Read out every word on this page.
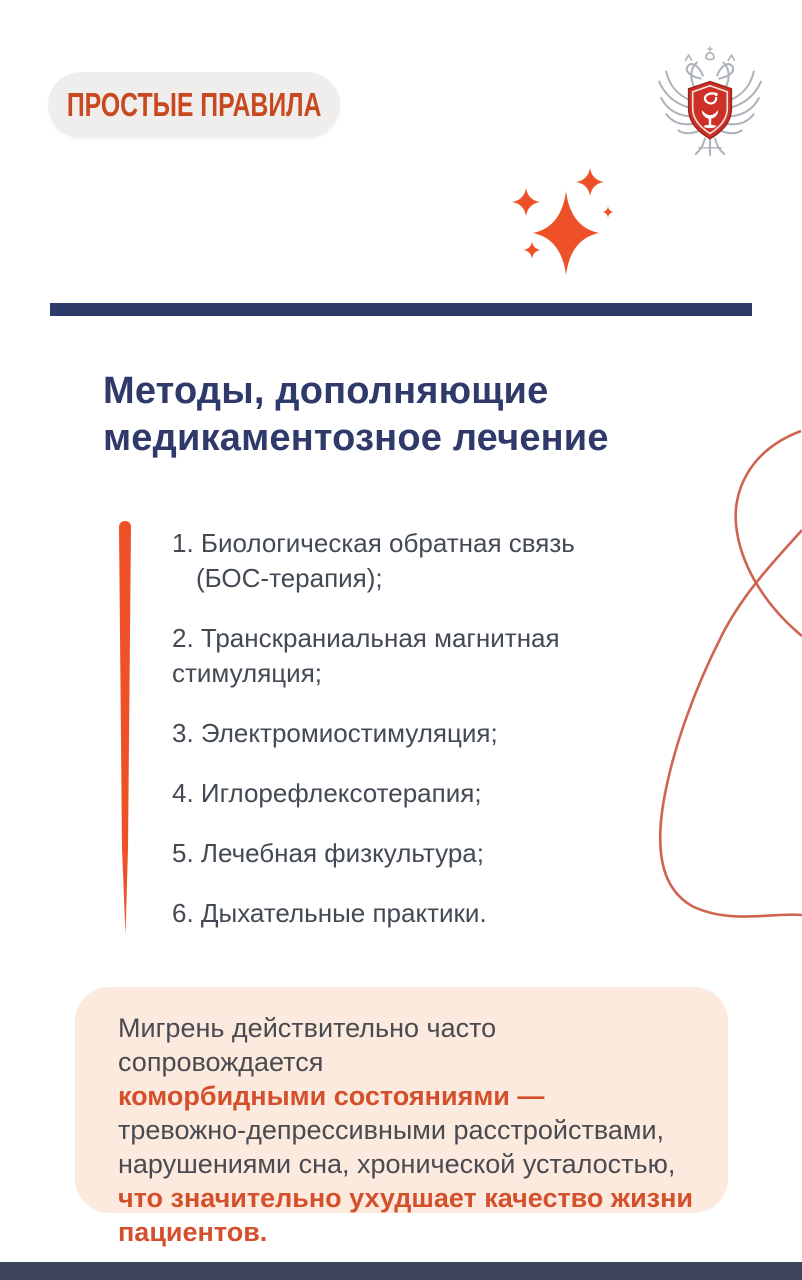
ПРОСТЫЕ ПРАВИЛА
Методы, дополняющие медикаментозное лечение
1. Биологическая обратная связь
(БОС-терапия);
2. Транскраниальная магнитная
стимуляция;
3. Электромиостимуляция;
4. Иглорефлексотерапия;
5. Лечебная физкультура;
6. Дыхательные практики.
Мигрень действительно часто сопровождается
коморбидными состояниями —
тревожно-депрессивными расстройствами,
нарушениями сна, хронической усталостью,
что значительно ухудшает качество жизни
пациентов.
